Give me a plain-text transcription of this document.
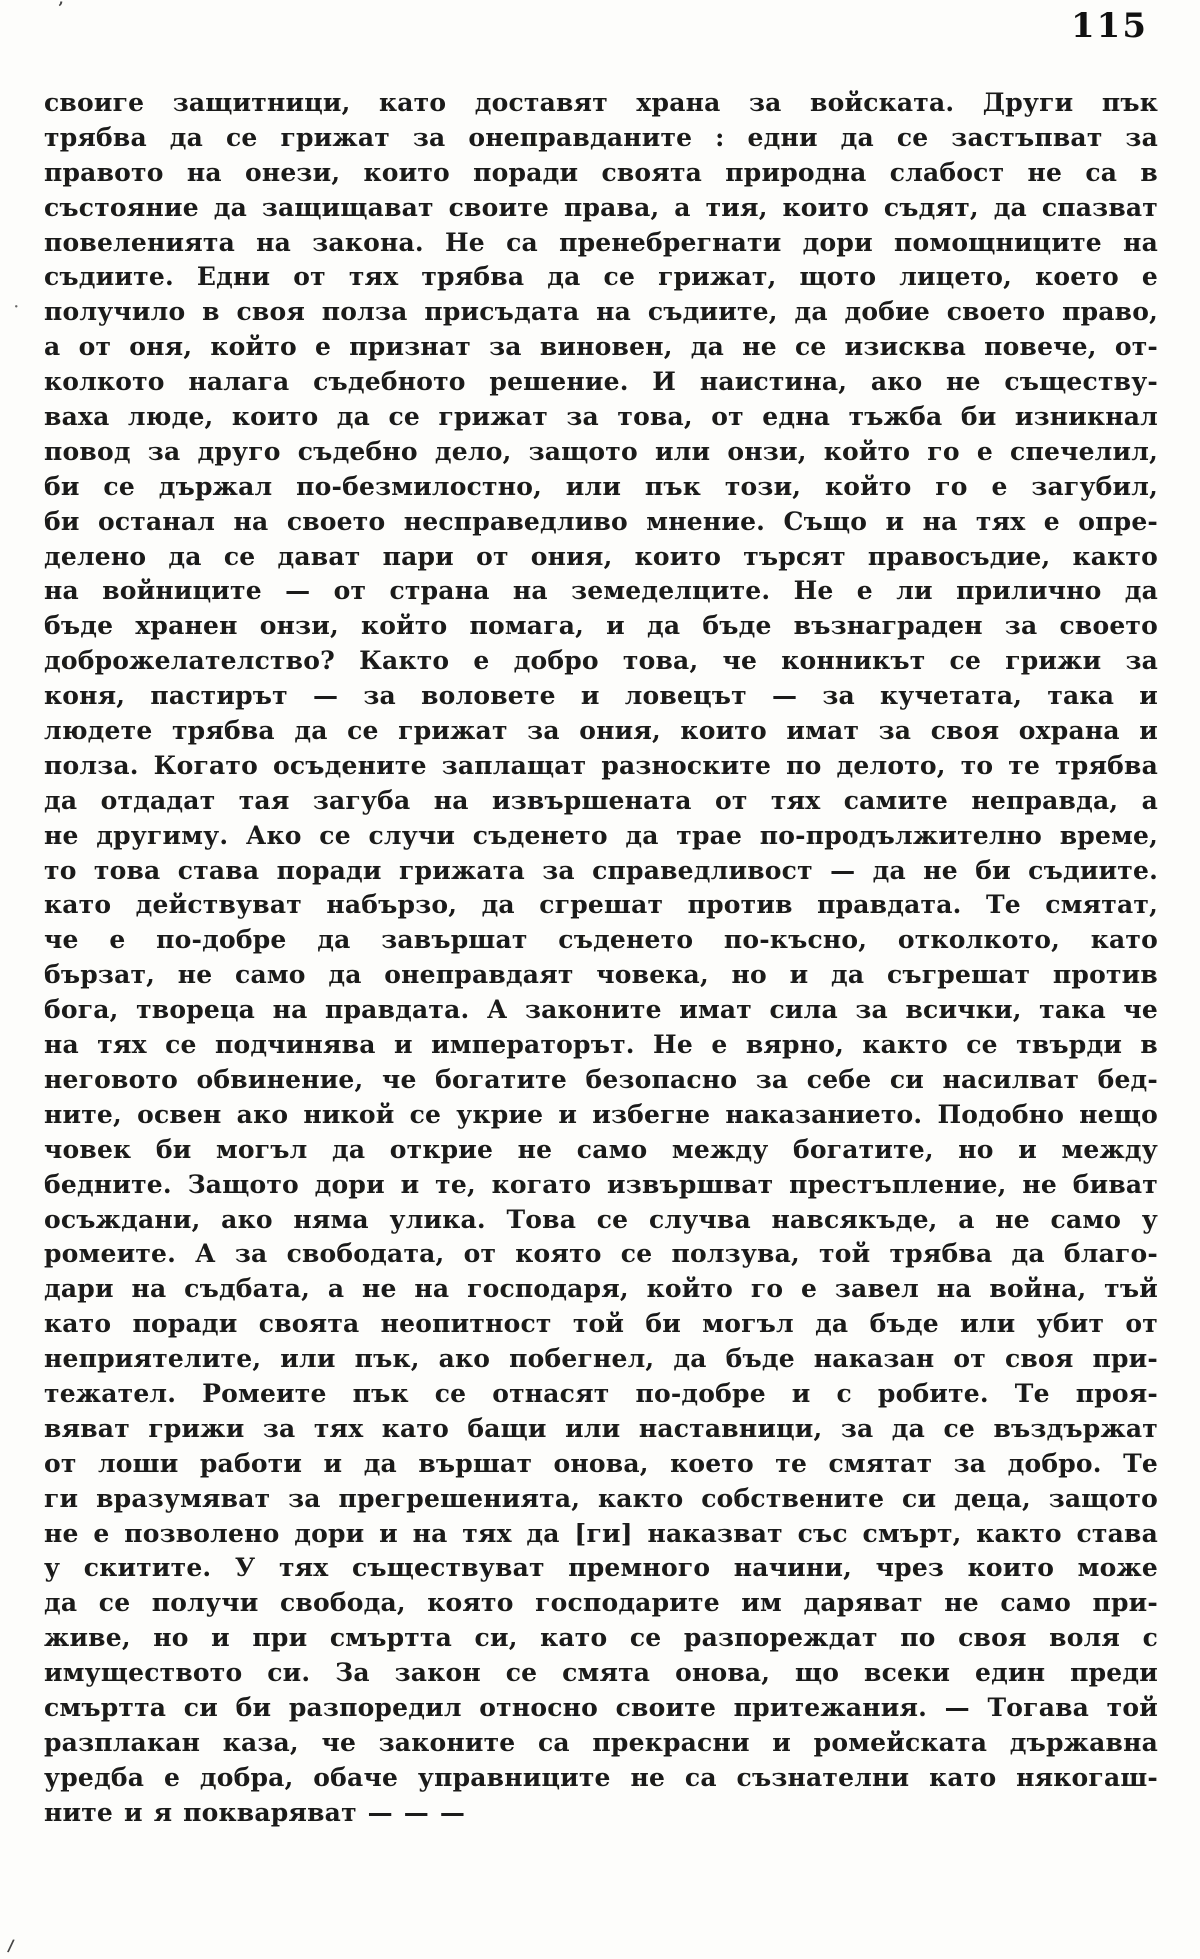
’
·
/
115
своиге защитници, като доставят храна за войската. Други пък
трябва да се грижат за онеправданите : едни да се застъпват за
правото на онези, които поради своята природна слабост не са в
състояние да защищават своите права, а тия, които съдят, да спазват
повеленията на закона. Не са пренебрегнати дори помощниците на
съдиите. Едни от тях трябва да се грижат, щото лицето, което е
получило в своя полза присъдата на съдиите, да добие своето право,
а от оня, който е признат за виновен, да не се изисква повече, от-
колкото налага съдебното решение. И наистина, ако не съществу-
ваха люде, които да се грижат за това, от една тъжба би изникнал
повод за друго съдебно дело, защото или онзи, който го е спечелил,
би се държал по-безмилостно, или пък този, който го е загубил,
би останал на своето несправедливо мнение. Също и на тях е опре-
делено да се дават пари от ония, които търсят правосъдие, както
на войниците — от страна на земеделците. Не е ли прилично да
бъде хранен онзи, който помага, и да бъде възнаграден за своето
доброжелателство? Както е добро това, че конникът се грижи за
коня, пастирът — за воловете и ловецът — за кучетата, така и
людете трябва да се грижат за ония, които имат за своя охрана и
полза. Когато осъдените заплащат разноските по делото, то те трябва
да отдадат тая загуба на извършената от тях самите неправда, а
не другиму. Ако се случи съденето да трае по-продължително време,
то това става поради грижата за справедливост — да не би съдиите.
като действуват набързо, да сгрешат против правдата. Те смятат,
че е по-добре да завършат съденето по-късно, отколкото, като
бързат, не само да онеправдаят човека, но и да съгрешат против
бога, твореца на правдата. А законите имат сила за всички, така че
на тях се подчинява и императорът. Не е вярно, както се твърди в
неговото обвинение, че богатите безопасно за себе си насилват бед-
ните, освен ако никой се укрие и избегне наказанието. Подобно нещо
човек би могъл да открие не само между богатите, но и между
бедните. Защото дори и те, когато извършват престъпление, не биват
осъждани, ако няма улика. Това се случва навсякъде, а не само у
ромеите. А за свободата, от която се ползува, той трябва да благо-
дари на съдбата, а не на господаря, който го е завел на война, тъй
като поради своята неопитност той би могъл да бъде или убит от
неприятелите, или пък, ако побегнел, да бъде наказан от своя при-
тежател. Ромеите пък се отнасят по-добре и с робите. Те проя-
вяват грижи за тях като бащи или наставници, за да се въздържат
от лоши работи и да вършат онова, което те смятат за добро. Те
ги вразумяват за прегрешенията, както собствените си деца, защото
не е позволено дори и на тях да [ги] наказват със смърт, както става
у скитите. У тях съществуват премного начини, чрез които може
да се получи свобода, която господарите им даряват не само при-
живе, но и при смъртта си, като се разпореждат по своя воля с
имуществото си. За закон се смята онова, що всеки един преди
смъртта си би разпоредил относно своите притежания. — Тогава той
разплакан каза, че законите са прекрасни и ромейската държавна
уредба е добра, обаче управниците не са съзнателни като някогаш-
ните и я покваряват — — —
